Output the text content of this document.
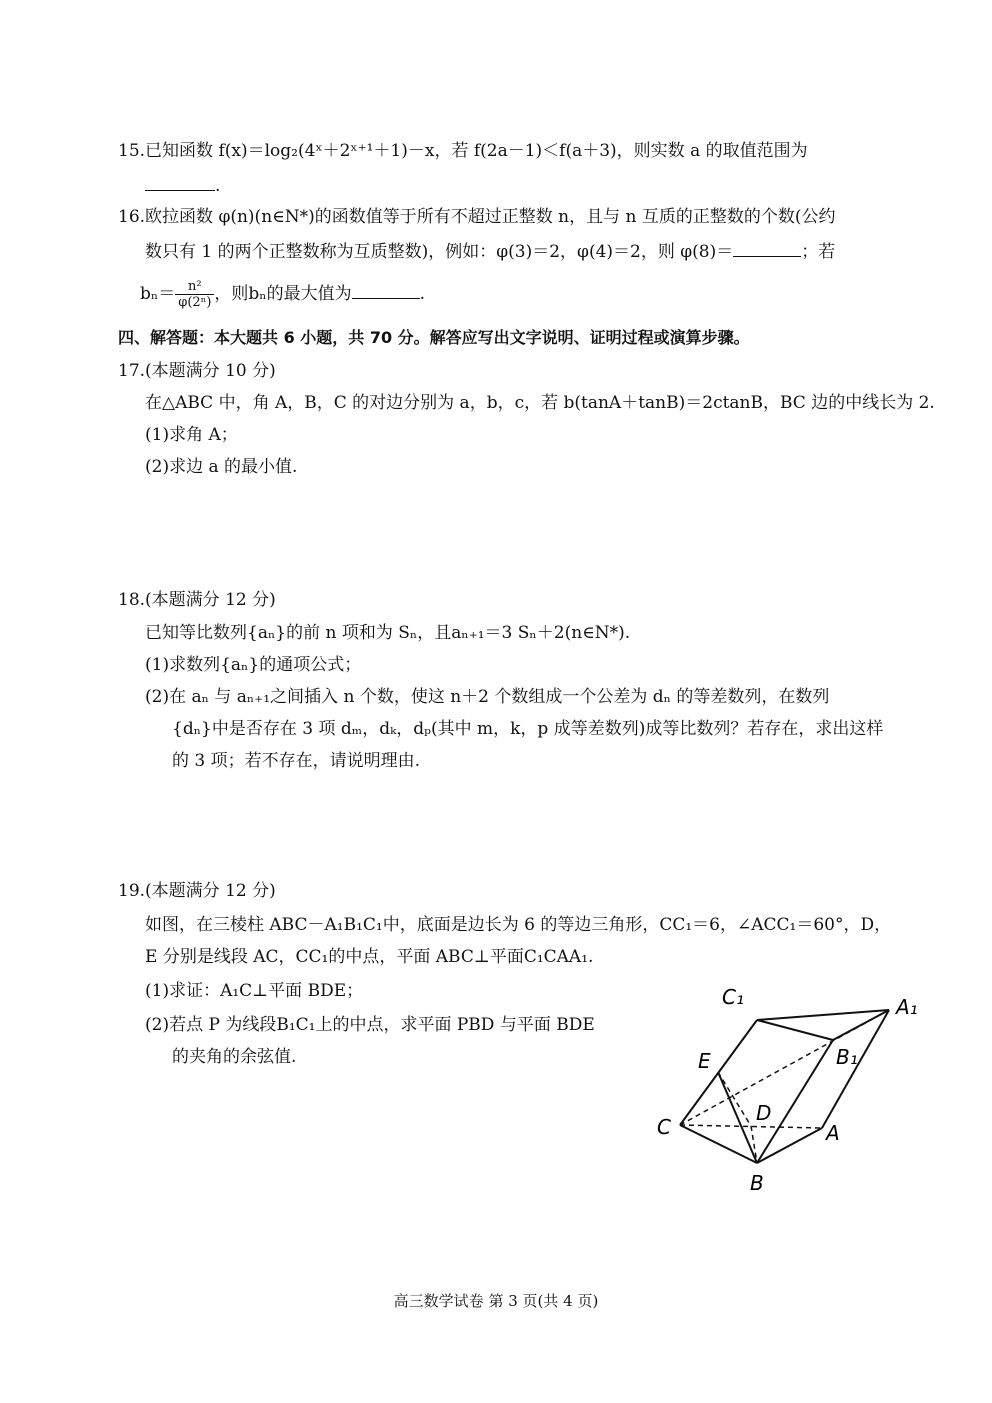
15.已知函数 f(x)＝log₂(4ˣ＋2ˣ⁺¹＋1)－x，若 f(2a－1)＜f(a＋3)，则实数 a 的取值范围为
.
16.欧拉函数 φ(n)(n∈N*)的函数值等于所有不超过正整数 n，且与 n 互质的正整数的个数(公约
数只有 1 的两个正整数称为互质整数)，例如：φ(3)＝2，φ(4)＝2，则 φ(8)＝	；若
$b_n= \frac{\text{n²}}{\text{φ(2ⁿ)}}$ ，则bₙ的最大值为	.
四、解答题：本大题共 6 小题，共 70 分。解答应写出文字说明、证明过程或演算步骤。
17.(本题满分 10 分)
在△ABC 中，角 A，B，C 的对边分别为 a，b，c，若 b(tanA＋tanB)＝2ctanB，BC 边的中线长为 2.
(1)求角 A；
(2)求边 a 的最小值.
18.(本题满分 12 分)
已知等比数列{aₙ}的前 n 项和为 Sₙ，且aₙ₊₁＝3 Sₙ＋2(n∈N*).
(1)求数列{aₙ}的通项公式；
(2)在 aₙ 与 aₙ₊₁之间插入 n 个数，使这 n＋2 个数组成一个公差为 dₙ 的等差数列，在数列
{dₙ}中是否存在 3 项 dₘ，dₖ，dₚ(其中 m，k，p 成等差数列)成等比数列？若存在，求出这样
的 3 项；若不存在，请说明理由.
19.(本题满分 12 分)
如图，在三棱柱 ABC－A₁B₁C₁中，底面是边长为 6 的等边三角形，CC₁＝6，∠ACC₁＝60°，D，
E 分别是线段 AC，CC₁的中点，平面 ABC⊥平面C₁CAA₁.
(1)求证：A₁C⊥平面 BDE；
(2)若点 P 为线段B₁C₁上的中点，求平面 PBD 与平面 BDE
的夹角的余弦值.
C₁	A₁
B₁
E
D
C	A
B
高三数学试卷 第 3 页(共 4 页)
